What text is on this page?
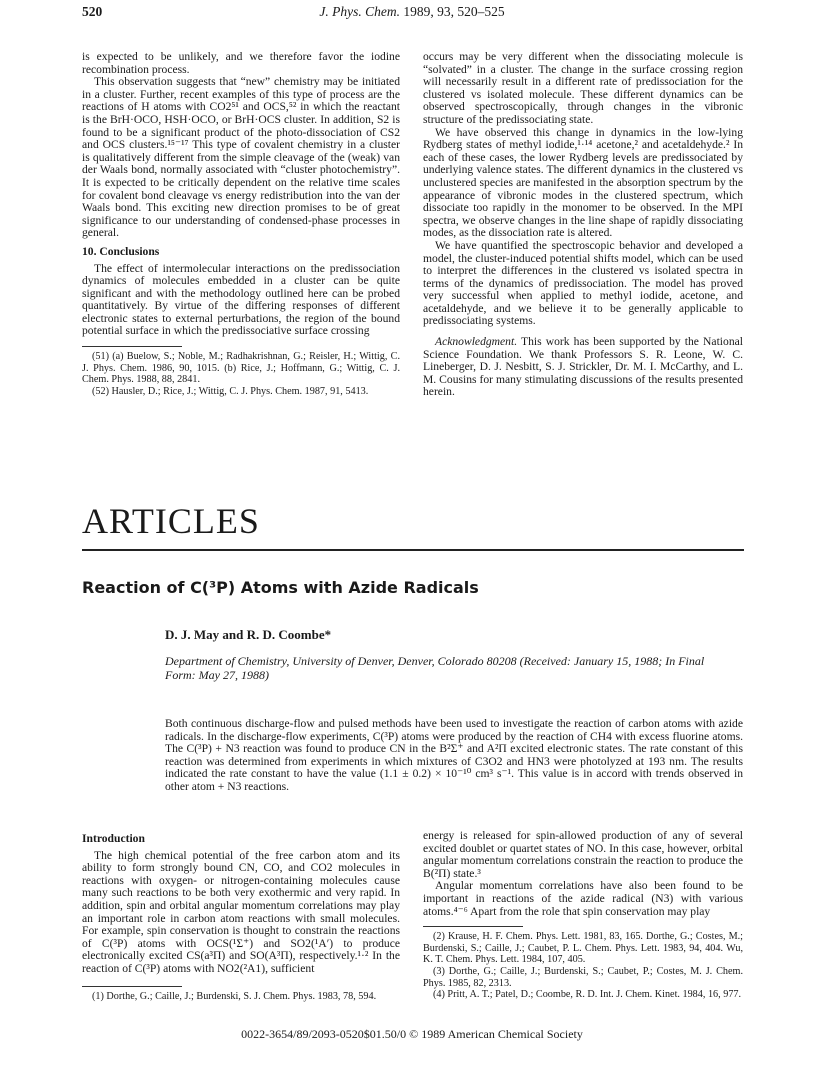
520	J. Phys. Chem. 1989, 93, 520–525

is expected to be unlikely, and we therefore favor the iodine recombination process.

This observation suggests that “new” chemistry may be initiated in a cluster. Further, recent examples of this type of process are the reactions of H atoms with CO2⁵¹ and OCS,⁵² in which the reactant is the BrH·OCO, HSH·OCO, or BrH·OCS cluster. In addition, S2 is found to be a significant product of the photo-dissociation of CS2 and OCS clusters.¹⁵⁻¹⁷ This type of covalent chemistry in a cluster is qualitatively different from the simple cleavage of the (weak) van der Waals bond, normally associated with “cluster photochemistry”. It is expected to be critically dependent on the relative time scales for covalent bond cleavage vs energy redistribution into the van der Waals bond. This exciting new direction promises to be of great significance to our understanding of condensed-phase processes in general.

10. Conclusions

The effect of intermolecular interactions on the predissociation dynamics of molecules embedded in a cluster can be quite significant and with the methodology outlined here can be probed quantitatively. By virtue of the differing responses of different electronic states to external perturbations, the region of the bound potential surface in which the predissociative surface crossing

(51) (a) Buelow, S.; Noble, M.; Radhakrishnan, G.; Reisler, H.; Wittig, C. J. Phys. Chem. 1986, 90, 1015. (b) Rice, J.; Hoffmann, G.; Wittig, C. J. Chem. Phys. 1988, 88, 2841.

(52) Hausler, D.; Rice, J.; Wittig, C. J. Phys. Chem. 1987, 91, 5413.

occurs may be very different when the dissociating molecule is “solvated” in a cluster. The change in the surface crossing region will necessarily result in a different rate of predissociation for the clustered vs isolated molecule. These different dynamics can be observed spectroscopically, through changes in the vibronic structure of the predissociating state.

We have observed this change in dynamics in the low-lying Rydberg states of methyl iodide,¹·¹⁴ acetone,² and acetaldehyde.² In each of these cases, the lower Rydberg levels are predissociated by underlying valence states. The different dynamics in the clustered vs unclustered species are manifested in the absorption spectrum by the appearance of vibronic modes in the clustered spectrum, which dissociate too rapidly in the monomer to be observed. In the MPI spectra, we observe changes in the line shape of rapidly dissociating modes, as the dissociation rate is altered.

We have quantified the spectroscopic behavior and developed a model, the cluster-induced potential shifts model, which can be used to interpret the differences in the clustered vs isolated spectra in terms of the dynamics of predissociation. The model has proved very successful when applied to methyl iodide, acetone, and acetaldehyde, and we believe it to be generally applicable to predissociating systems.

Acknowledgment. This work has been supported by the National Science Foundation. We thank Professors S. R. Leone, W. C. Lineberger, D. J. Nesbitt, S. J. Strickler, Dr. M. I. McCarthy, and L. M. Cousins for many stimulating discussions of the results presented herein.

ARTICLES
Reaction of C(³P) Atoms with Azide Radicals
D. J. May and R. D. Coombe*
Department of Chemistry, University of Denver, Denver, Colorado 80208 (Received: January 15, 1988; In Final Form: May 27, 1988)
Both continuous discharge-flow and pulsed methods have been used to investigate the reaction of carbon atoms with azide radicals. In the discharge-flow experiments, C(³P) atoms were produced by the reaction of CH4 with excess fluorine atoms. The C(³P) + N3 reaction was found to produce CN in the B²Σ⁺ and A²Π excited electronic states. The rate constant of this reaction was determined from experiments in which mixtures of C3O2 and HN3 were photolyzed at 193 nm. The results indicated the rate constant to have the value (1.1 ± 0.2) × 10⁻¹⁰ cm³ s⁻¹. This value is in accord with trends observed in other atom + N3 reactions.
Introduction

The high chemical potential of the free carbon atom and its ability to form strongly bound CN, CO, and CO2 molecules in reactions with oxygen- or nitrogen-containing molecules cause many such reactions to be both very exothermic and very rapid. In addition, spin and orbital angular momentum correlations may play an important role in carbon atom reactions with small molecules. For example, spin conservation is thought to constrain the reactions of C(³P) atoms with OCS(¹Σ⁺) and SO2(¹A′) to produce electronically excited CS(a³Π) and SO(A³Π), respectively.¹·² In the reaction of C(³P) atoms with NO2(²A1), sufficient

(1) Dorthe, G.; Caille, J.; Burdenski, S. J. Chem. Phys. 1983, 78, 594.

energy is released for spin-allowed production of any of several excited doublet or quartet states of NO. In this case, however, orbital angular momentum correlations constrain the reaction to produce the B(²Π) state.³

Angular momentum correlations have also been found to be important in reactions of the azide radical (N3) with various atoms.⁴⁻⁶ Apart from the role that spin conservation may play

(2) Krause, H. F. Chem. Phys. Lett. 1981, 83, 165. Dorthe, G.; Costes, M.; Burdenski, S.; Caille, J.; Caubet, P. L. Chem. Phys. Lett. 1983, 94, 404. Wu, K. T. Chem. Phys. Lett. 1984, 107, 405.

(3) Dorthe, G.; Caille, J.; Burdenski, S.; Caubet, P.; Costes, M. J. Chem. Phys. 1985, 82, 2313.

(4) Pritt, A. T.; Patel, D.; Coombe, R. D. Int. J. Chem. Kinet. 1984, 16, 977.

0022-3654/89/2093-0520$01.50/0 © 1989 American Chemical Society
